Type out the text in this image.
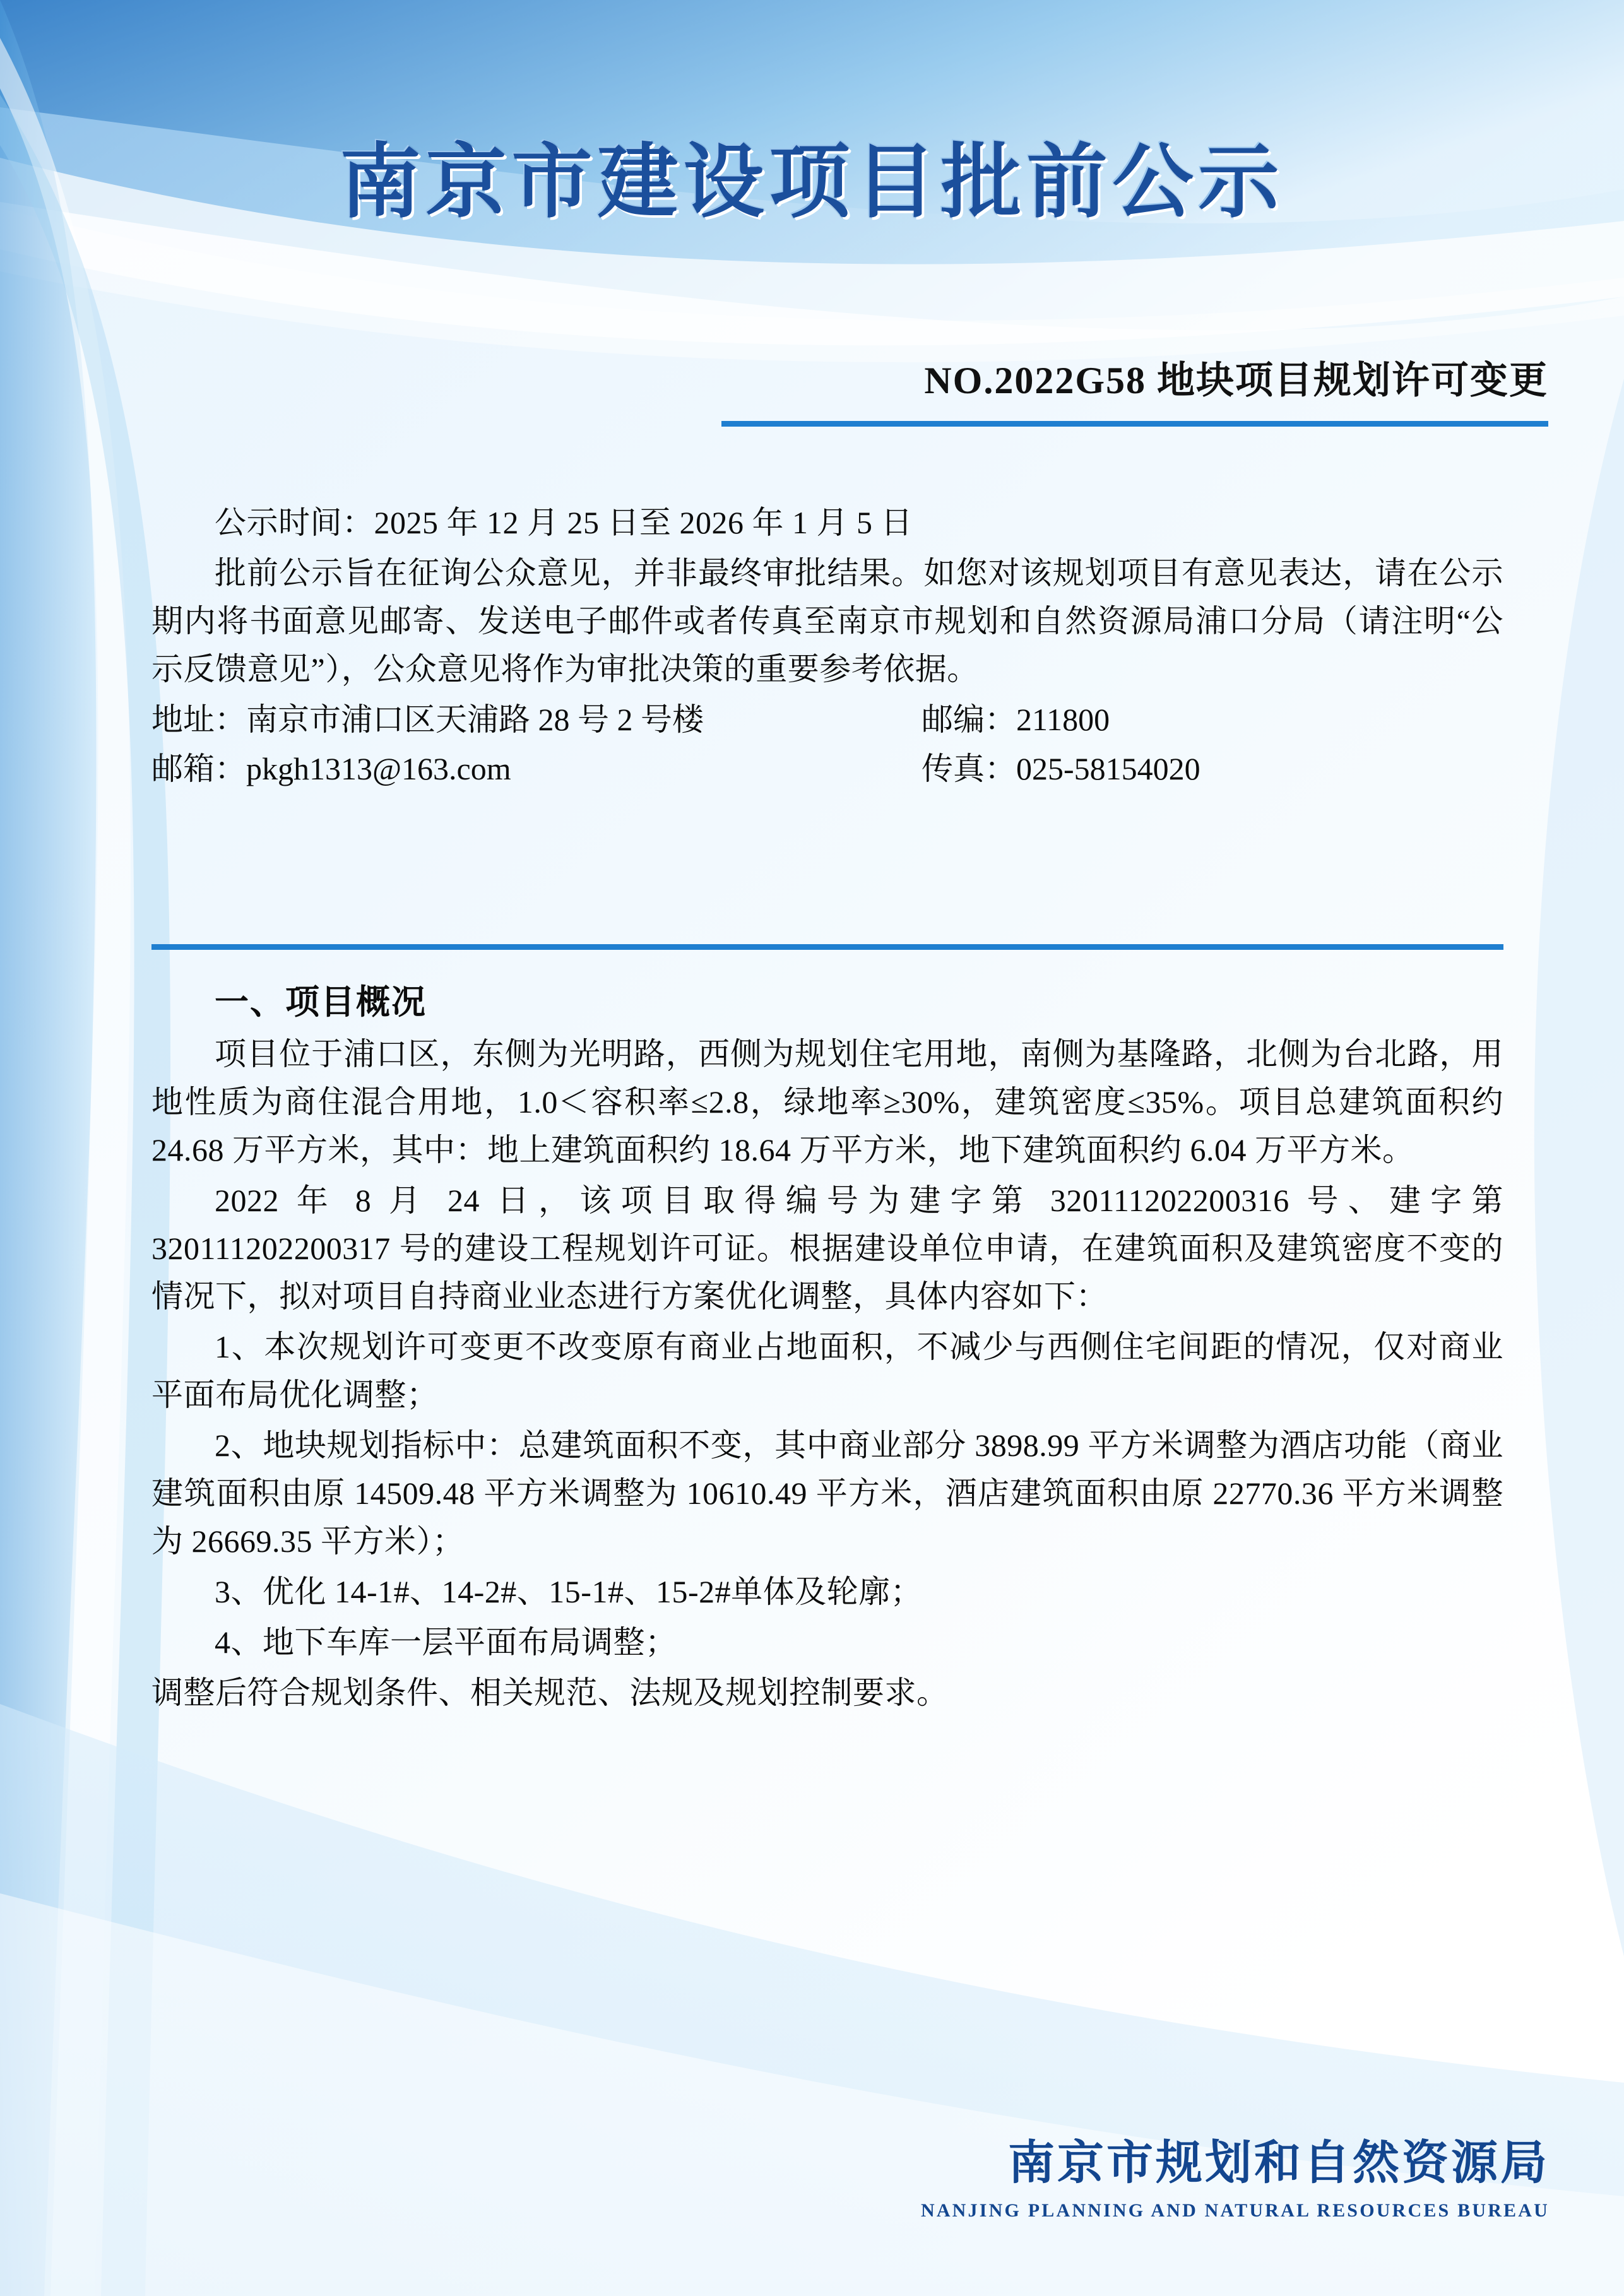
南京市建设项目批前公示
NO.2022G58 地块项目规划许可变更

公示时间：2025 年 12 月 25 日至 2026 年 1 月 5 日

批前公示旨在征询公众意见，并非最终审批结果。如您对该规划项目有意见表达，请在公示期内将书面意见邮寄、发送电子邮件或者传真至南京市规划和自然资源局浦口分局（请注明“公示反馈意见”），公众意见将作为审批决策的重要参考依据。

地址：南京市浦口区天浦路 28 号 2 号楼	邮编：211800
邮箱：pkgh1313@163.com	传真：025-58154020

一、项目概况

项目位于浦口区，东侧为光明路，西侧为规划住宅用地，南侧为基隆路，北侧为台北路，用地性质为商住混合用地，1.0＜容积率≤2.8，绿地率≥30%，建筑密度≤35%。项目总建筑面积约 24.68 万平方米，其中：地上建筑面积约 18.64 万平方米，地下建筑面积约 6.04 万平方米。

2022 年 8 月 24 日，该项目取得编号为建字第 320111202200316 号、建字第 320111202200317 号的建设工程规划许可证。根据建设单位申请，在建筑面积及建筑密度不变的情况下，拟对项目自持商业业态进行方案优化调整，具体内容如下：

1、本次规划许可变更不改变原有商业占地面积，不减少与西侧住宅间距的情况，仅对商业平面布局优化调整；

2、地块规划指标中：总建筑面积不变，其中商业部分 3898.99 平方米调整为酒店功能（商业建筑面积由原 14509.48 平方米调整为 10610.49 平方米，酒店建筑面积由原 22770.36 平方米调整为 26669.35 平方米）；

3、优化 14-1#、14-2#、15-1#、15-2#单体及轮廓；

4、地下车库一层平面布局调整；

调整后符合规划条件、相关规范、法规及规划控制要求。

南京市规划和自然资源局
NANJING PLANNING AND NATURAL RESOURCES BUREAU
